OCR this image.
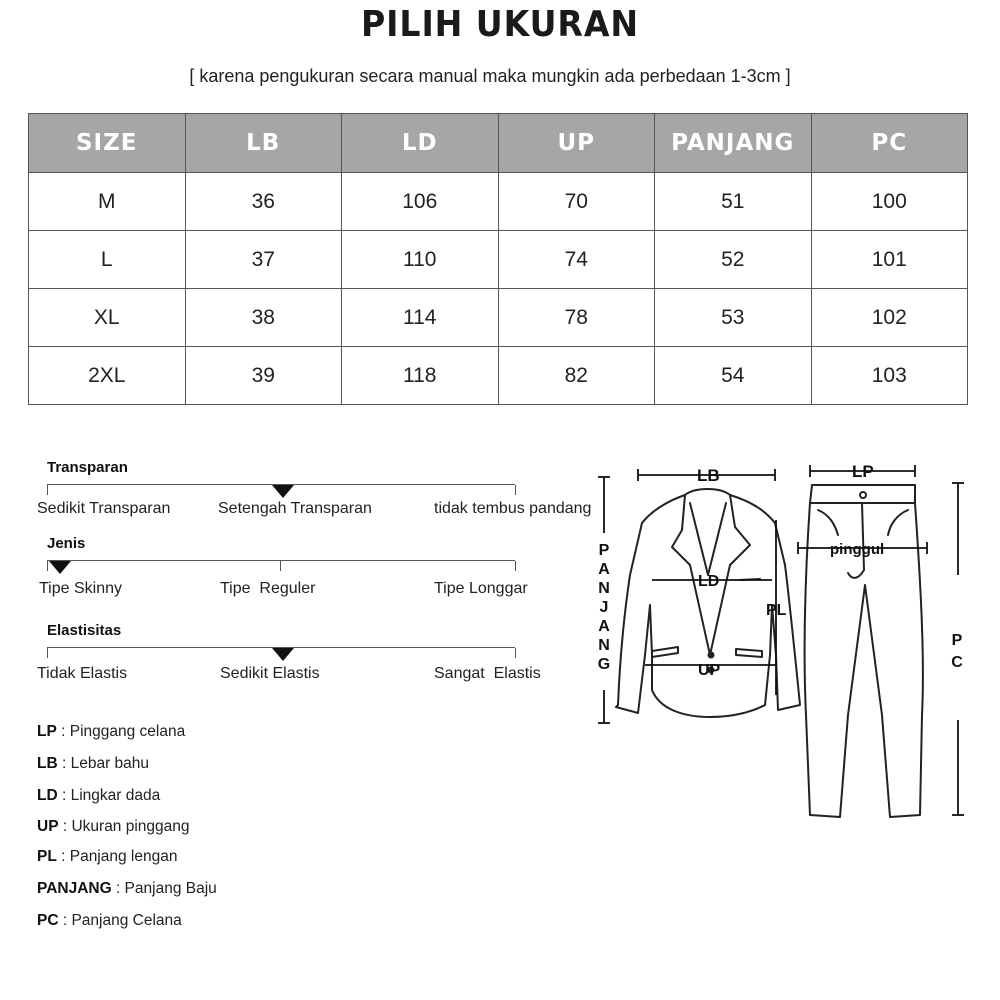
PILIH UKURAN
[ karena pengukuran secara manual maka mungkin ada perbedaan 1-3cm ]
SIZE	LB	LD	UP	PANJANG	PC
M	36	106	70	51	100
L	37	110	74	52	101
XL	38	114	78	53	102
2XL	39	118	82	54	103
Transparan
Sedikit Transparan	Setengah Transparan	tidak tembus pandang
Jenis
Tipe Skinny	Tipe  Reguler	Tipe Longgar
Elastisitas
Tidak Elastis	Sedikit Elastis	Sangat  Elastis
LP : Pinggang celana
LB : Lebar bahu
LD : Lingkar dada
UP : Ukuran pinggang
PL : Panjang lengan
PANJANG : Panjang Baju
PC : Panjang Celana
LB	LP
LD
UP
PL
pinggul
P A N J A N G
P C
